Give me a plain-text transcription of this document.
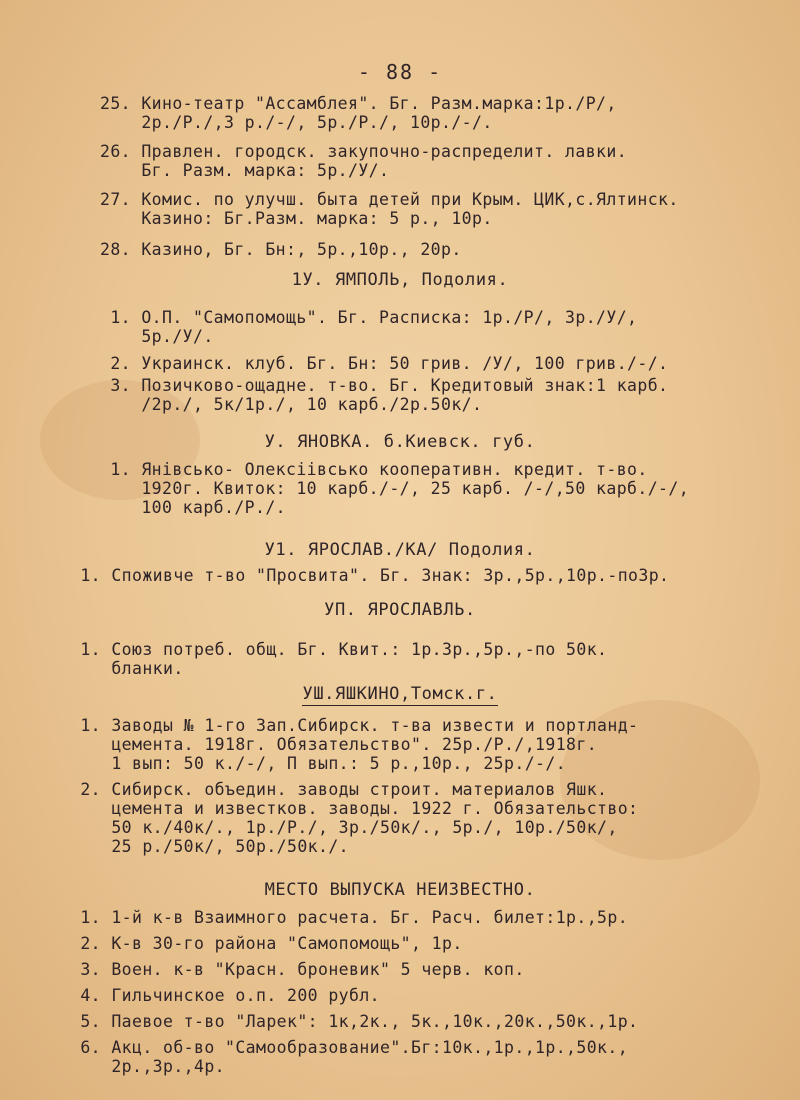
- 88 -
25. Кино-театр "Ассамблея". Бг. Разм.марка:1р./Р/,
2р./Р./,3 р./-/, 5р./Р./, 10р./-/.
26. Правлен. городск. закупочно-распределит. лавки.
Бг. Разм. марка: 5р./У/.
27. Комис. по улучш. быта детей при Крым. ЦИК,с.Ялтинск.
Казино: Бг.Разм. марка: 5 р., 10р.
28. Казино, Бг. Бн:, 5р.,10р., 20р.
1У. ЯМПОЛЬ, Подолия.
1. О.П. "Самопомощь". Бг. Расписка: 1р./Р/, 3р./У/,
5р./У/.
2. Украинск. клуб. Бг. Бн: 50 грив. /У/, 100 грив./-/.
3. Позичково-ощадне. т-во. Бг. Кредитовый знак:1 карб.
/2р./, 5к/1р./, 10 карб./2р.50к/.
У. ЯНОВКА. б.Киевск. губ.
1. Янiвсько- Олексiiвсько кооперативн. кредит. т-во.
1920г. Квиток: 10 карб./-/, 25 карб. /-/,50 карб./-/,
100 карб./Р./.
У1. ЯРОСЛАВ./КА/ Подолия.
1. Споживче т-во "Просвита". Бг. Знак: 3р.,5р.,10р.-по3р.
УП. ЯРОСЛАВЛЬ.
1. Союз потреб. общ. Бг. Квит.: 1р.3р.,5р.,-по 50к.
бланки.
УШ.ЯШКИНО,Томск.г.
1. Заводы № 1-го Зап.Сибирск. т-ва извести и портланд-
цемента. 1918г. Обязательство". 25р./Р./,1918г.
1 вып: 50 к./-/, П вып.: 5 р.,10р., 25р./-/.
2. Сибирск. объедин. заводы строит. материалов Яшк.
цемента и известков. заводы. 1922 г. Обязательство:
50 к./40к/., 1р./Р./, 3р./50к/., 5р./, 10р./50к/,
25 р./50к/, 50р./50к./.
МЕСТО ВЫПУСКА НЕИЗВЕСТНО.
1. 1-й к-в Взаимного расчета. Бг. Расч. билет:1р.,5р.
2. К-в 30-го района "Самопомощь", 1р.
3. Воен. к-в "Красн. броневик" 5 черв. коп.
4. Гильчинское о.п. 200 рубл.
5. Паевое т-во "Ларек": 1к,2к., 5к.,10к.,20к.,50к.,1р.
6. Акц. об-во "Самообразование".Бг:10к.,1р.,1р.,50к.,
2р.,3р.,4р.
